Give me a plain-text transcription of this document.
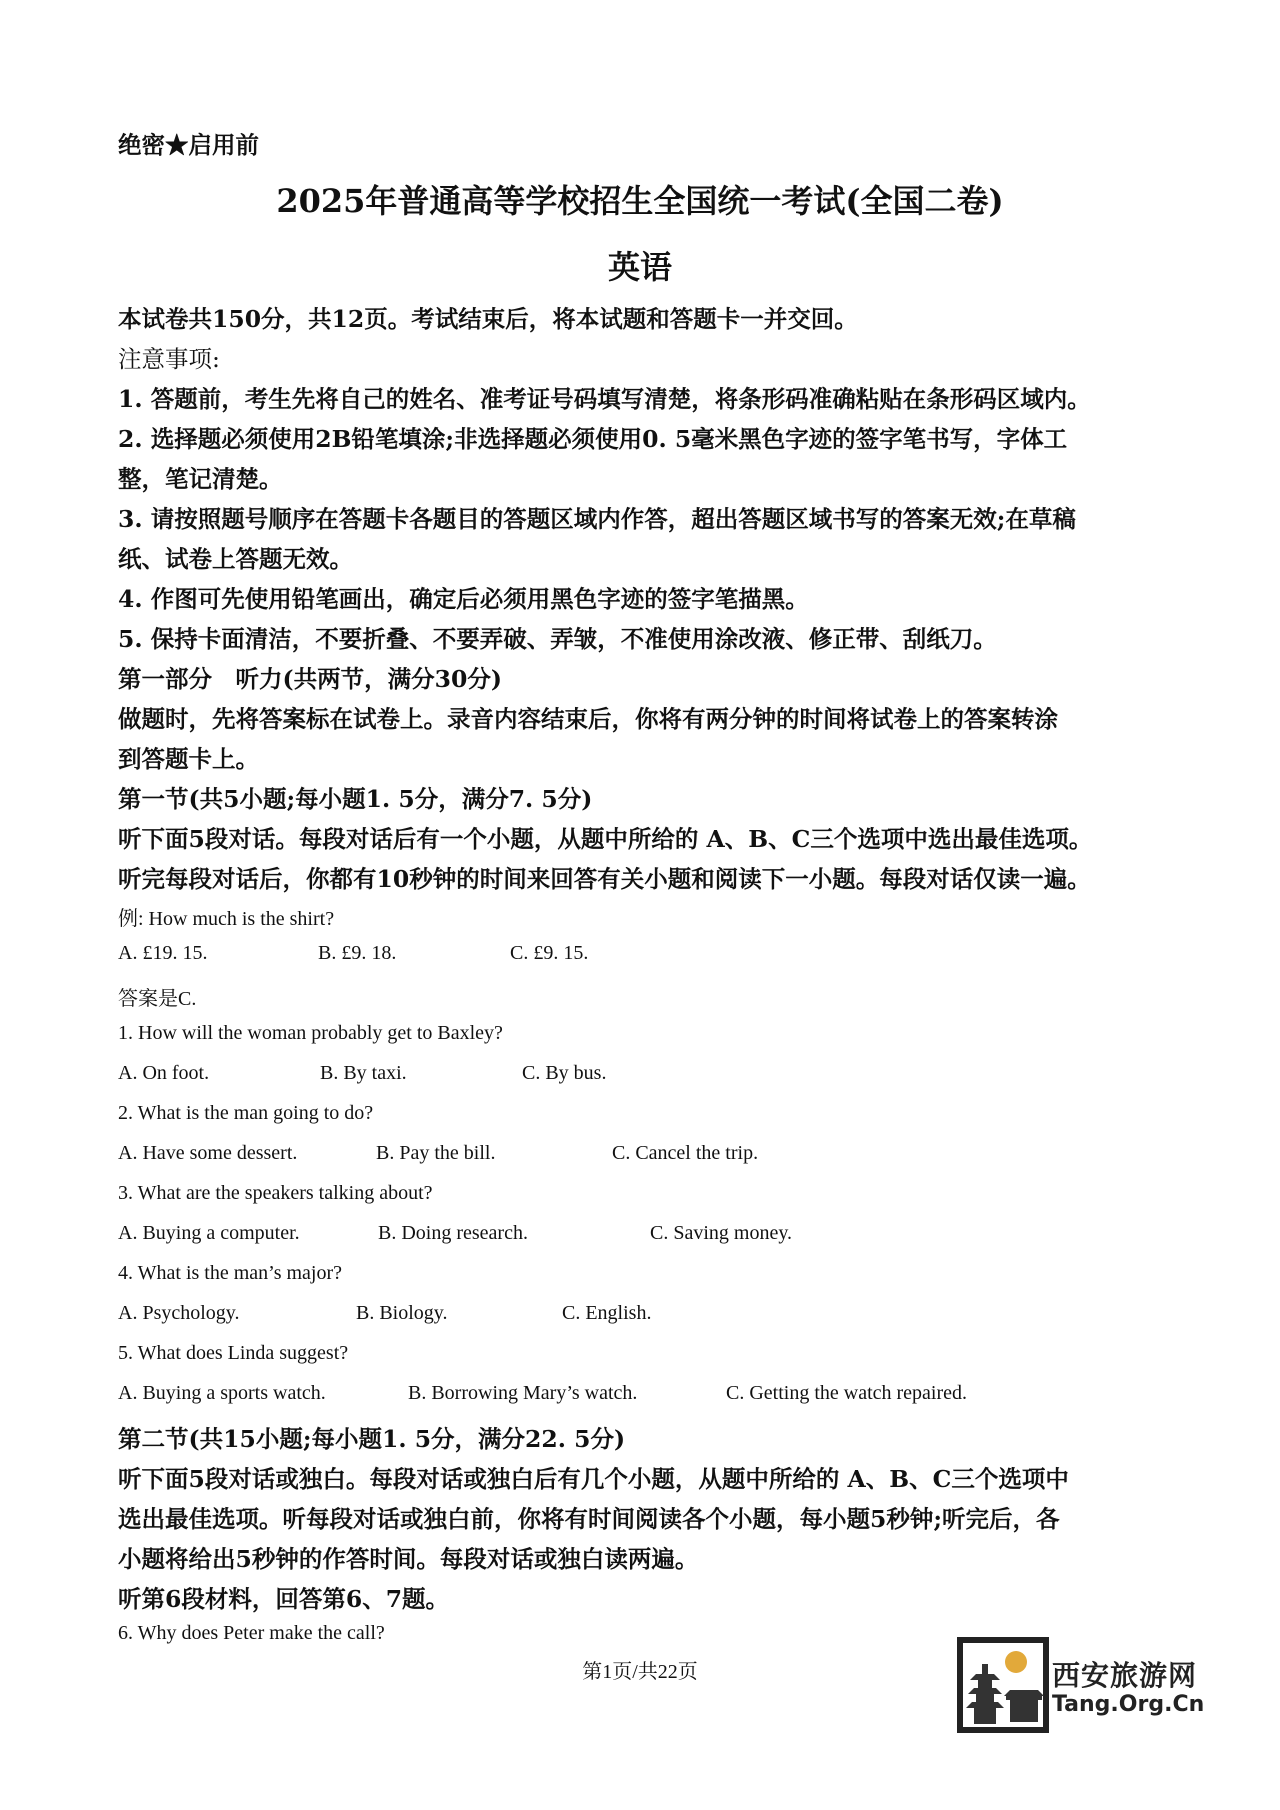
绝密★启用前
2025年普通高等学校招生全国统一考试(全国二卷)
英语
本试卷共150分，共12页。考试结束后，将本试题和答题卡一并交回。
注意事项:
1. 答题前，考生先将自己的姓名、准考证号码填写清楚，将条形码准确粘贴在条形码区域内。
2. 选择题必须使用2B铅笔填涂;非选择题必须使用0. 5毫米黑色字迹的签字笔书写，字体工
整，笔记清楚。
3. 请按照题号顺序在答题卡各题目的答题区域内作答，超出答题区域书写的答案无效;在草稿
纸、试卷上答题无效。
4. 作图可先使用铅笔画出，确定后必须用黑色字迹的签字笔描黑。
5. 保持卡面清洁，不要折叠、不要弄破、弄皱，不准使用涂改液、修正带、刮纸刀。
第一部分　听力(共两节，满分30分)
做题时，先将答案标在试卷上。录音内容结束后，你将有两分钟的时间将试卷上的答案转涂
到答题卡上。
第一节(共5小题;每小题1. 5分，满分7. 5分)
听下面5段对话。每段对话后有一个小题，从题中所给的 A、B、C三个选项中选出最佳选项。
听完每段对话后，你都有10秒钟的时间来回答有关小题和阅读下一小题。每段对话仅读一遍。
例: How much is the shirt?
A. £19. 15.	B. £9. 18.	C. £9. 15.
答案是C.
1. How will the woman probably get to Baxley?
A. On foot.	B. By taxi.	C. By bus.
2. What is the man going to do?
A. Have some dessert.	B. Pay the bill.	C. Cancel the trip.
3. What are the speakers talking about?
A. Buying a computer.	B. Doing research.	C. Saving money.
4. What is the man’s major?
A. Psychology.	B. Biology.	C. English.
5. What does Linda suggest?
A. Buying a sports watch.	B. Borrowing Mary’s watch.	C. Getting the watch repaired.
第二节(共15小题;每小题1. 5分，满分22. 5分)
听下面5段对话或独白。每段对话或独白后有几个小题，从题中所给的 A、B、C三个选项中
选出最佳选项。听每段对话或独白前，你将有时间阅读各个小题，每小题5秒钟;听完后，各
小题将给出5秒钟的作答时间。每段对话或独白读两遍。
听第6段材料，回答第6、7题。
6. Why does Peter make the call?
第1页/共22页	西安旅游网
Tang.Org.Cn
